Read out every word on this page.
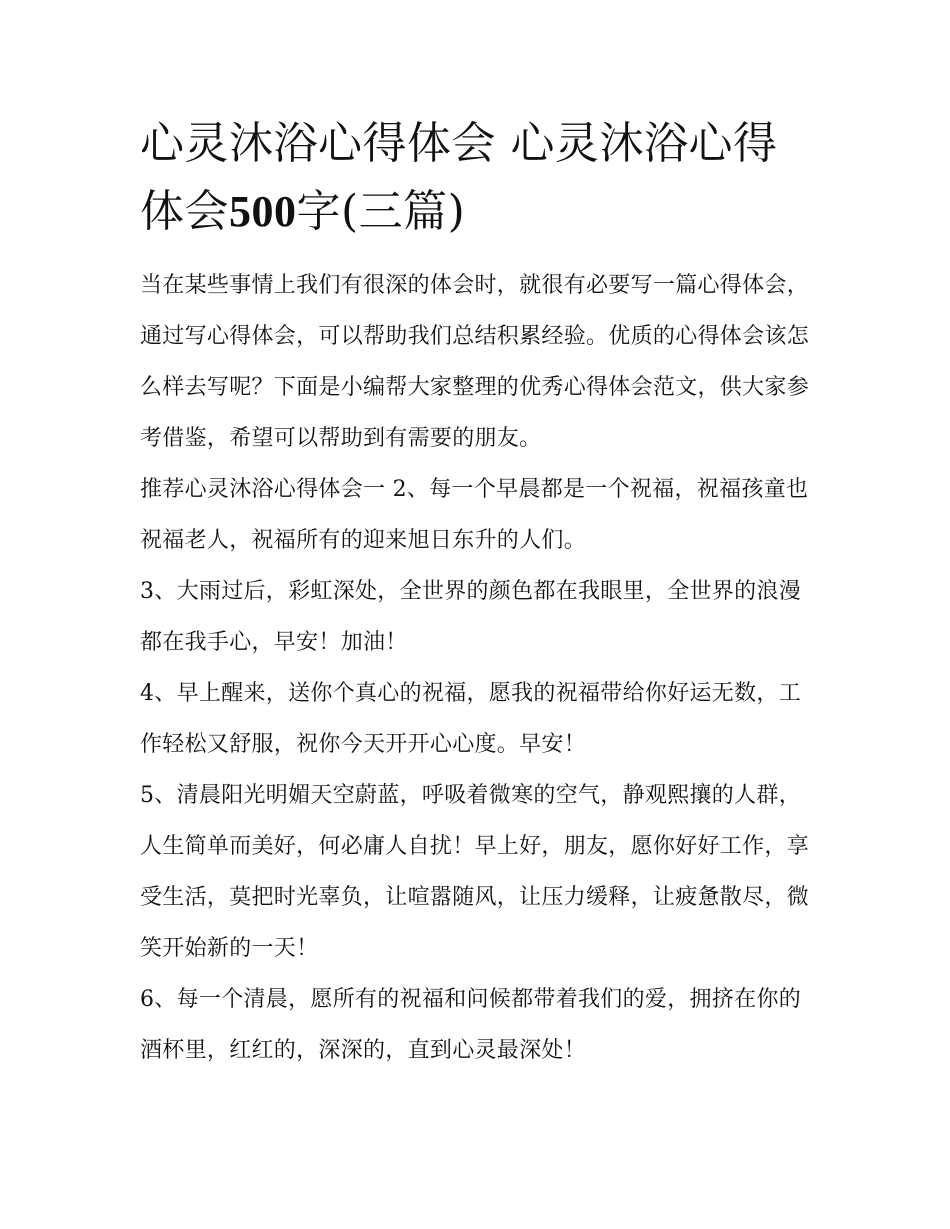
心灵沐浴心得体会 心灵沐浴心得体会500字(三篇)

当在某些事情上我们有很深的体会时，就很有必要写一篇心得体会，通过写心得体会，可以帮助我们总结积累经验。优质的心得体会该怎么样去写呢？下面是小编帮大家整理的优秀心得体会范文，供大家参考借鉴，希望可以帮助到有需要的朋友。

推荐心灵沐浴心得体会一 2、每一个早晨都是一个祝福，祝福孩童也祝福老人，祝福所有的迎来旭日东升的人们。

3、大雨过后，彩虹深处，全世界的颜色都在我眼里，全世界的浪漫都在我手心，早安！加油！

4、早上醒来，送你个真心的祝福，愿我的祝福带给你好运无数，工作轻松又舒服，祝你今天开开心心度。早安！

5、清晨阳光明媚天空蔚蓝，呼吸着微寒的空气，静观熙攘的人群，人生简单而美好，何必庸人自扰！早上好，朋友，愿你好好工作，享受生活，莫把时光辜负，让喧嚣随风，让压力缓释，让疲惫散尽，微笑开始新的一天！

6、每一个清晨，愿所有的祝福和问候都带着我们的爱，拥挤在你的酒杯里，红红的，深深的，直到心灵最深处！
